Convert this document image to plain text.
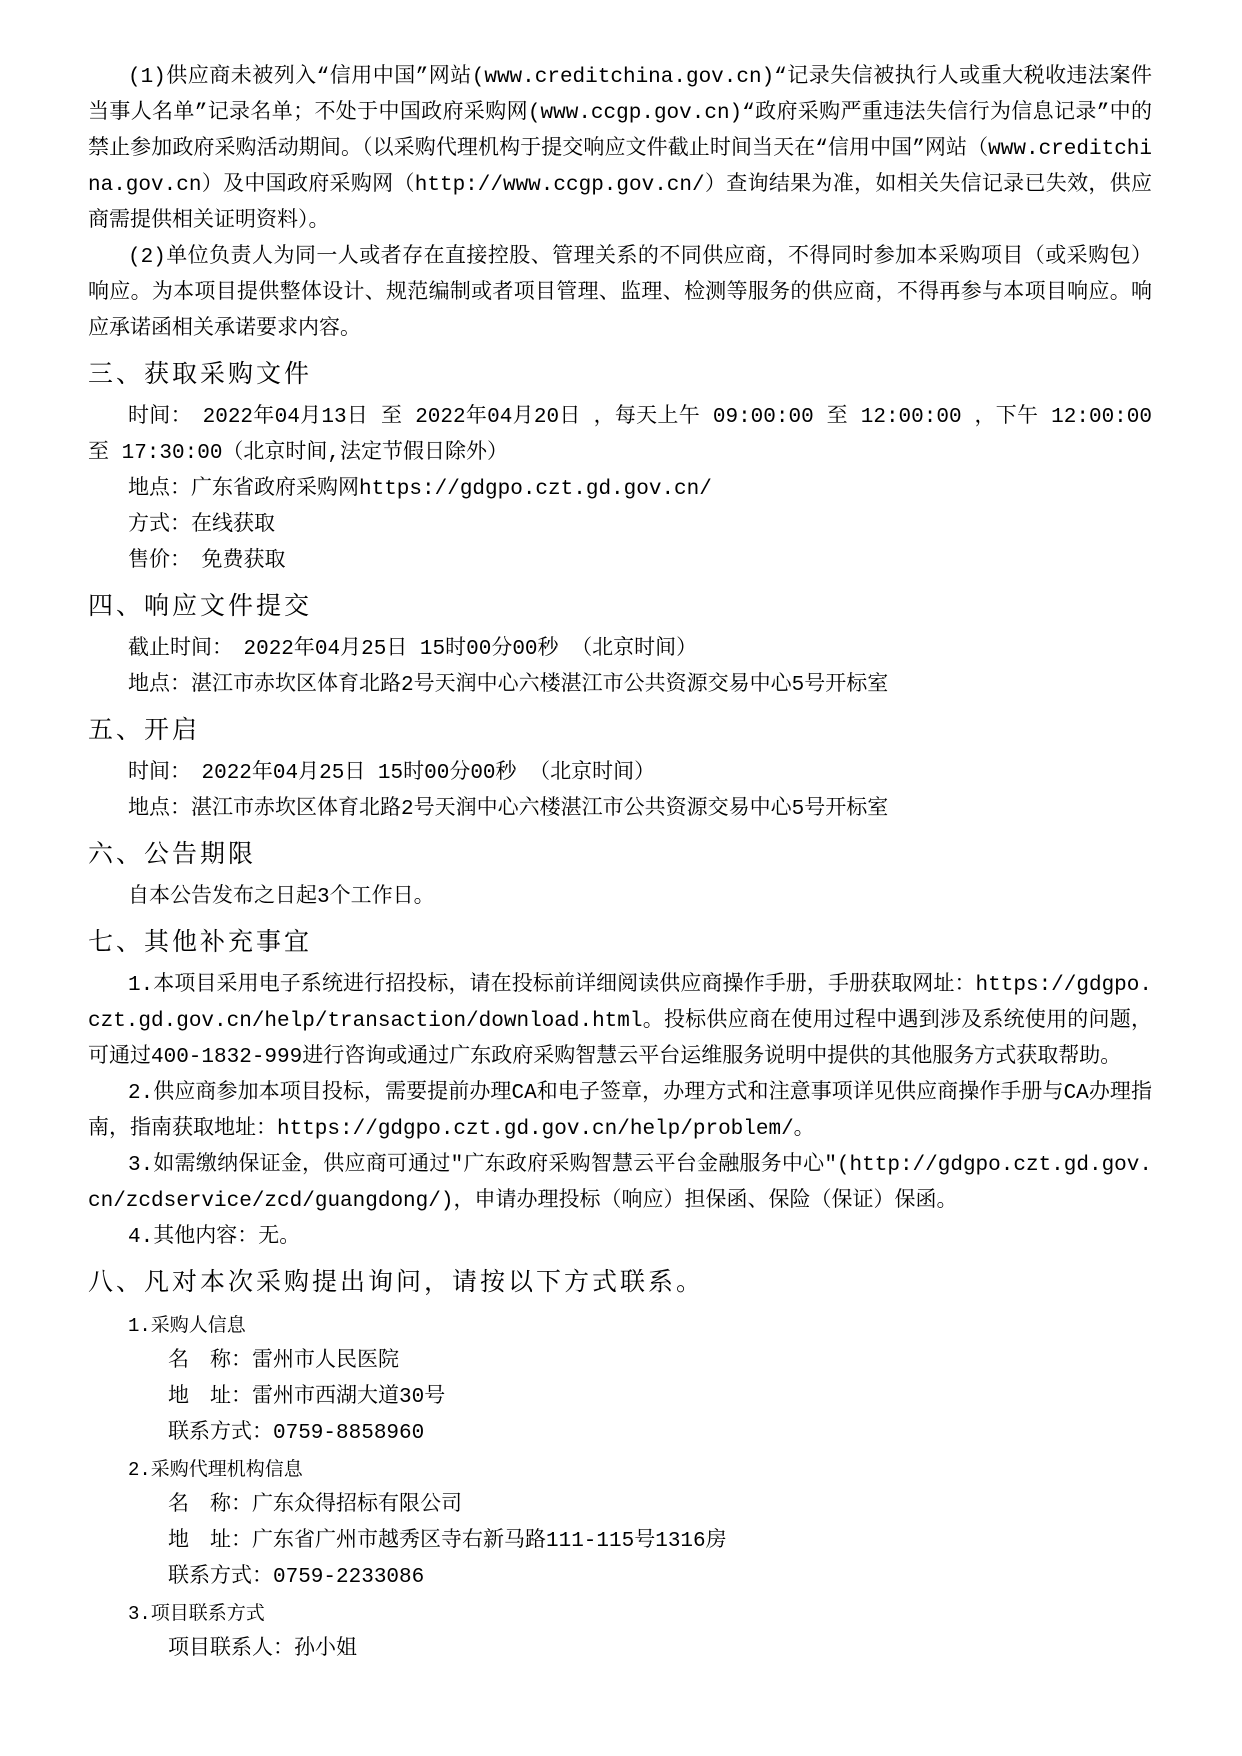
(1)供应商未被列入“信用中国”网站(www.creditchina.gov.cn)“记录失信被执行人或重大税收违法案件当事人名单”记录名单；不处于中国政府采购网(www.ccgp.gov.cn)“政府采购严重违法失信行为信息记录”中的禁止参加政府采购活动期间。（以采购代理机构于提交响应文件截止时间当天在“信用中国”网站（www.creditchina.gov.cn）及中国政府采购网（http://www.ccgp.gov.cn/）查询结果为准，如相关失信记录已失效，供应商需提供相关证明资料）。

(2)单位负责人为同一人或者存在直接控股、管理关系的不同供应商，不得同时参加本采购项目（或采购包）响应。为本项目提供整体设计、规范编制或者项目管理、监理、检测等服务的供应商，不得再参与本项目响应。响应承诺函相关承诺要求内容。

三、获取采购文件

时间：　2022年04月13日 至 2022年04月20日 ，每天上午 09:00:00 至 12:00:00 ，下午 12:00:00 至 17:30:00（北京时间,法定节假日除外）

地点：广东省政府采购网https://gdgpo.czt.gd.gov.cn/

方式：在线获取

售价：　免费获取

四、响应文件提交

截止时间：　2022年04月25日 15时00分00秒 （北京时间）

地点：湛江市赤坎区体育北路2号天润中心六楼湛江市公共资源交易中心5号开标室

五、开启

时间：　2022年04月25日 15时00分00秒 （北京时间）

地点：湛江市赤坎区体育北路2号天润中心六楼湛江市公共资源交易中心5号开标室

六、公告期限

自本公告发布之日起3个工作日。

七、其他补充事宜

1.本项目采用电子系统进行招投标，请在投标前详细阅读供应商操作手册，手册获取网址：https://gdgpo.czt.gd.gov.cn/help/transaction/download.html。投标供应商在使用过程中遇到涉及系统使用的问题，可通过400-1832-999进行咨询或通过广东政府采购智慧云平台运维服务说明中提供的其他服务方式获取帮助。

2.供应商参加本项目投标，需要提前办理CA和电子签章，办理方式和注意事项详见供应商操作手册与CA办理指南，指南获取地址：https://gdgpo.czt.gd.gov.cn/help/problem/。

3.如需缴纳保证金，供应商可通过"广东政府采购智慧云平台金融服务中心"(http://gdgpo.czt.gd.gov.cn/zcdservice/zcd/guangdong/)，申请办理投标（响应）担保函、保险（保证）保函。

4.其他内容：无。

八、凡对本次采购提出询问，请按以下方式联系。

1.采购人信息

名　称：雷州市人民医院

地　址：雷州市西湖大道30号

联系方式：0759-8858960

2.采购代理机构信息

名　称：广东众得招标有限公司

地　址：广东省广州市越秀区寺右新马路111-115号1316房

联系方式：0759-2233086

3.项目联系方式

项目联系人：孙小姐
